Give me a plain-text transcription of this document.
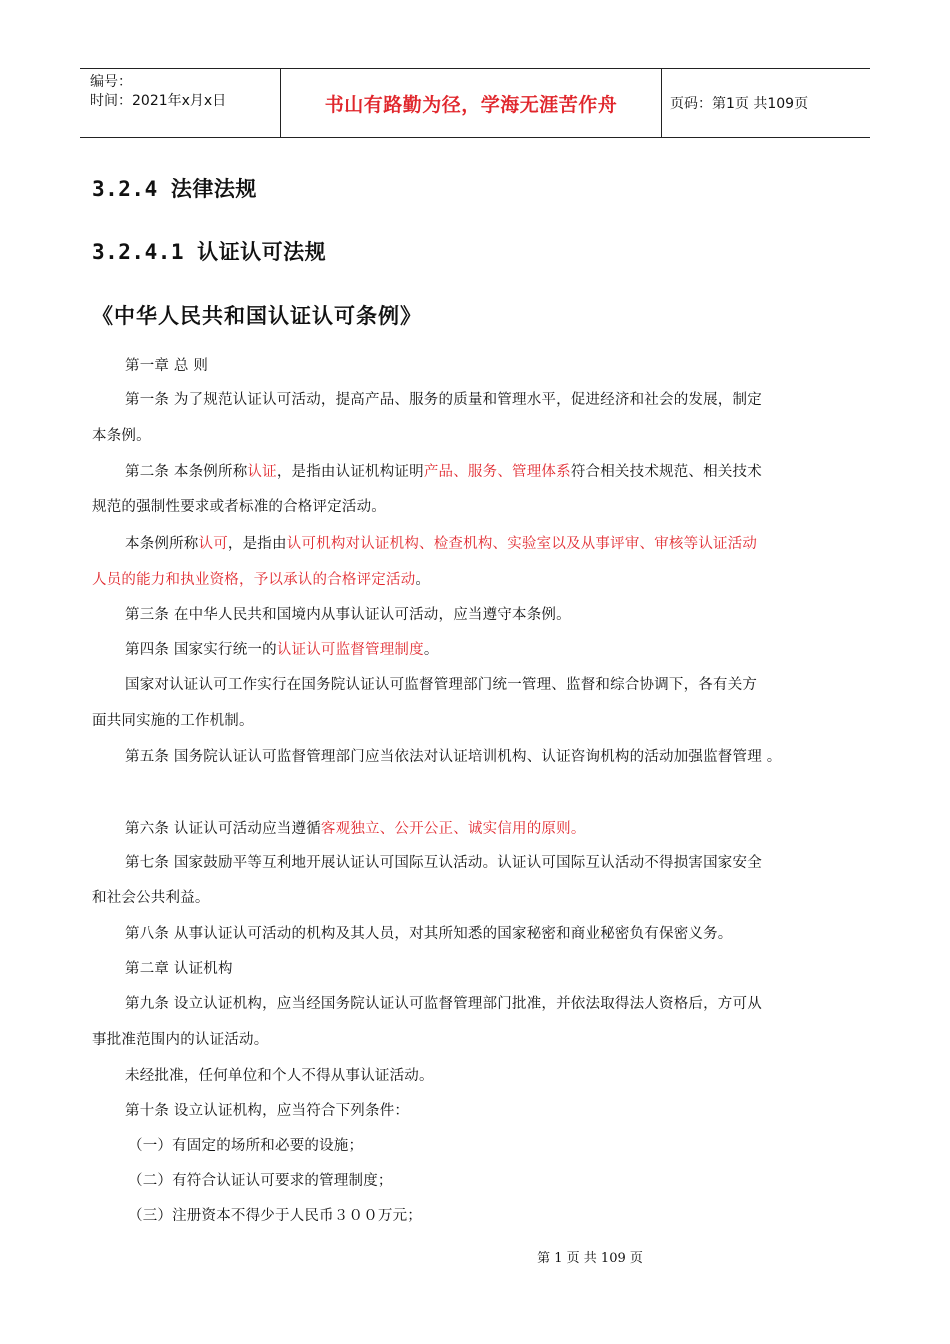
编号：
时间：2021年x月x日	书山有路勤为径，学海无涯苦作舟	页码：第1页 共109页
3.2.4 法律法规
3.2.4.1 认证认可法规
《中华人民共和国认证认可条例》
第一章 总 则
第一条 为了规范认证认可活动，提高产品、服务的质量和管理水平，促进经济和社会的发展，制定
本条例。
第二条 本条例所称认证，是指由认证机构证明产品、服务、管理体系符合相关技术规范、相关技术
规范的强制性要求或者标准的合格评定活动。
本条例所称认可，是指由认可机构对认证机构、检查机构、实验室以及从事评审、审核等认证活动
人员的能力和执业资格，予以承认的合格评定活动。
第三条 在中华人民共和国境内从事认证认可活动，应当遵守本条例。
第四条 国家实行统一的认证认可监督管理制度。
国家对认证认可工作实行在国务院认证认可监督管理部门统一管理、监督和综合协调下，各有关方
面共同实施的工作机制。
第五条 国务院认证认可监督管理部门应当依法对认证培训机构、认证咨询机构的活动加强监督管理 。
第六条 认证认可活动应当遵循客观独立、公开公正、诚实信用的原则。
第七条 国家鼓励平等互利地开展认证认可国际互认活动。认证认可国际互认活动不得损害国家安全
和社会公共利益。
第八条 从事认证认可活动的机构及其人员，对其所知悉的国家秘密和商业秘密负有保密义务。
第二章 认证机构
第九条 设立认证机构，应当经国务院认证认可监督管理部门批准，并依法取得法人资格后，方可从
事批准范围内的认证活动。
未经批准，任何单位和个人不得从事认证活动。
第十条 设立认证机构，应当符合下列条件：
（一）有固定的场所和必要的设施；
（二）有符合认证认可要求的管理制度；
（三）注册资本不得少于人民币３００万元；
第 1 页 共 109 页
